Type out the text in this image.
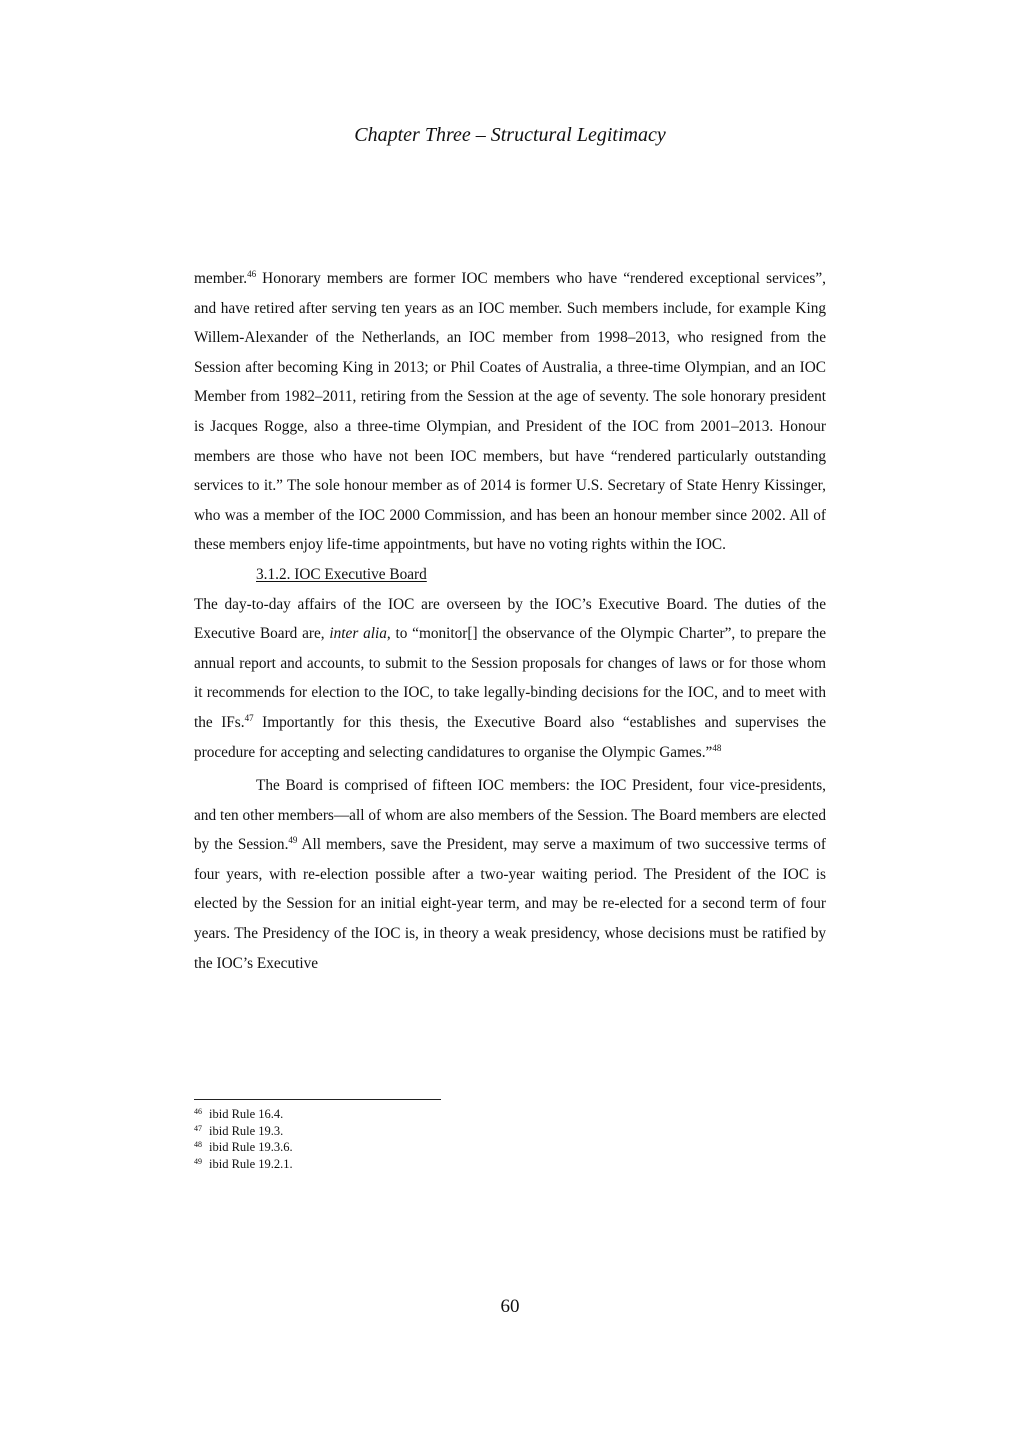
Chapter Three – Structural Legitimacy

member.$^{46}$ Honorary members are former IOC members who have “rendered exceptional services”, and have retired after serving ten years as an IOC member. Such members include, for example King Willem-Alexander of the Netherlands, an IOC member from 1998–2013, who resigned from the Session after becoming King in 2013; or Phil Coates of Australia, a three-time Olympian, and an IOC Member from 1982–2011, retiring from the Session at the age of seventy. The sole honorary president is Jacques Rogge, also a three-time Olympian, and President of the IOC from 2001–2013. Honour members are those who have not been IOC members, but have “rendered particularly outstanding services to it.” The sole honour member as of 2014 is former U.S. Secretary of State Henry Kissinger, who was a member of the IOC 2000 Commission, and has been an honour member since 2002. All of these members enjoy life-time appointments, but have no voting rights within the IOC.

3.1.2. IOC Executive Board

The day-to-day affairs of the IOC are overseen by the IOC’s Executive Board. The duties of the Executive Board are, inter alia, to “monitor[] the observance of the Olympic Charter”, to prepare the annual report and accounts, to submit to the Session proposals for changes of laws or for those whom it recommends for election to the IOC, to take legally-binding decisions for the IOC, and to meet with the IFs.$^{47}$ Importantly for this thesis, the Executive Board also “establishes and supervises the procedure for accepting and selecting candidatures to organise the Olympic Games.”$^{48}$

The Board is comprised of fifteen IOC members: the IOC President, four vice-presidents, and ten other members—all of whom are also members of the Session. The Board members are elected by the Session.$^{49}$ All members, save the President, may serve a maximum of two successive terms of four years, with re-election possible after a two-year waiting period. The President of the IOC is elected by the Session for an initial eight-year term, and may be re-elected for a second term of four years. The Presidency of the IOC is, in theory a weak presidency, whose decisions must be ratified by the IOC’s Executive

46 ibid Rule 16.4.
47 ibid Rule 19.3.
48 ibid Rule 19.3.6.
49 ibid Rule 19.2.1.
60
